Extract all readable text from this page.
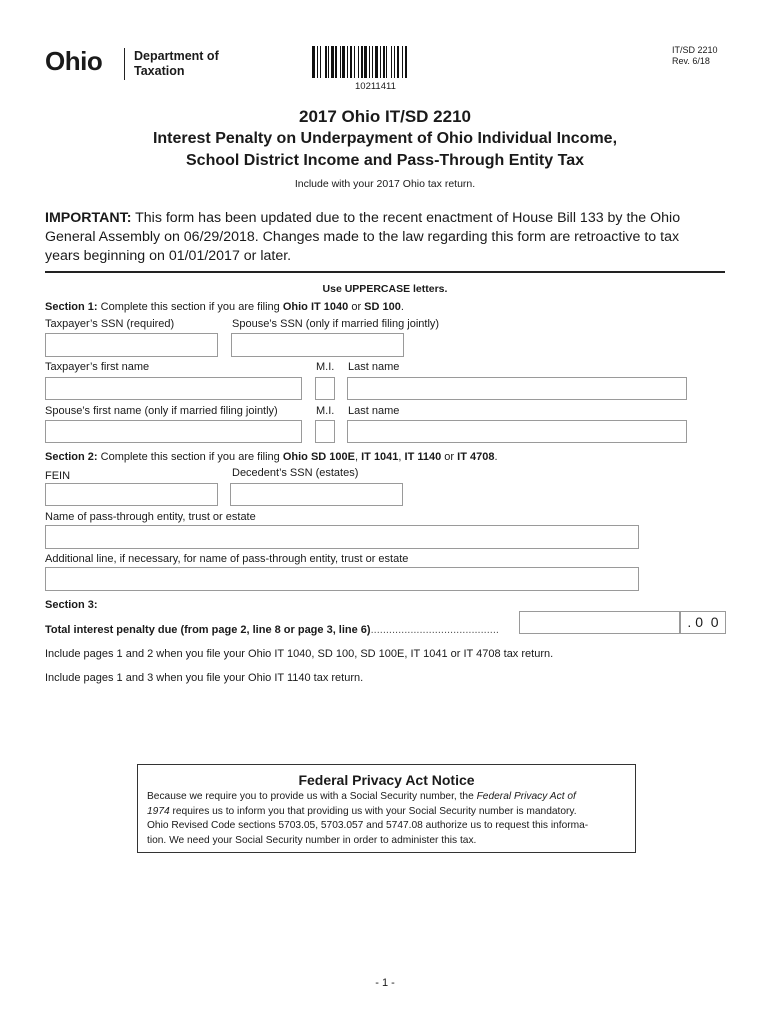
Ohio	Department of
Taxation
10211411
IT/SD 2210
Rev. 6/18
2017 Ohio IT/SD 2210
Interest Penalty on Underpayment of Ohio Individual Income,
School District Income and Pass-Through Entity Tax
Include with your 2017 Ohio tax return.
IMPORTANT: This form has been updated due to the recent enactment of House Bill 133 by the Ohio
General Assembly on 06/29/2018. Changes made to the law regarding this form are retroactive to tax
years beginning on 01/01/2017 or later.
Use UPPERCASE letters.
Section 1: Complete this section if you are filing Ohio IT 1040 or SD 100.
Taxpayer’s SSN (required)	Spouse’s SSN (only if married filing jointly)
Taxpayer’s first name	M.I. Last name
Spouse’s first name (only if married filing jointly)	M.I. Last name
Section 2: Complete this section if you are filing Ohio SD 100E, IT 1041, IT 1140 or IT 4708.
FEIN	Decedent’s SSN (estates)
Name of pass-through entity, trust or estate
Additional line, if necessary, for name of pass-through entity, trust or estate
Section 3:
Total interest penalty due (from page 2, line 8 or page 3, line 6)..........................................	. 0  0
Include pages 1 and 2 when you file your Ohio IT 1040, SD 100, SD 100E, IT 1041 or IT 4708 tax return.
Include pages 1 and 3 when you file your Ohio IT 1140 tax return.
Federal Privacy Act Notice
Because we require you to provide us with a Social Security number, the Federal Privacy Act of
1974 requires us to inform you that providing us with your Social Security number is mandatory.
Ohio Revised Code sections 5703.05, 5703.057 and 5747.08 authorize us to request this informa-
tion. We need your Social Security number in order to administer this tax.
- 1 -
